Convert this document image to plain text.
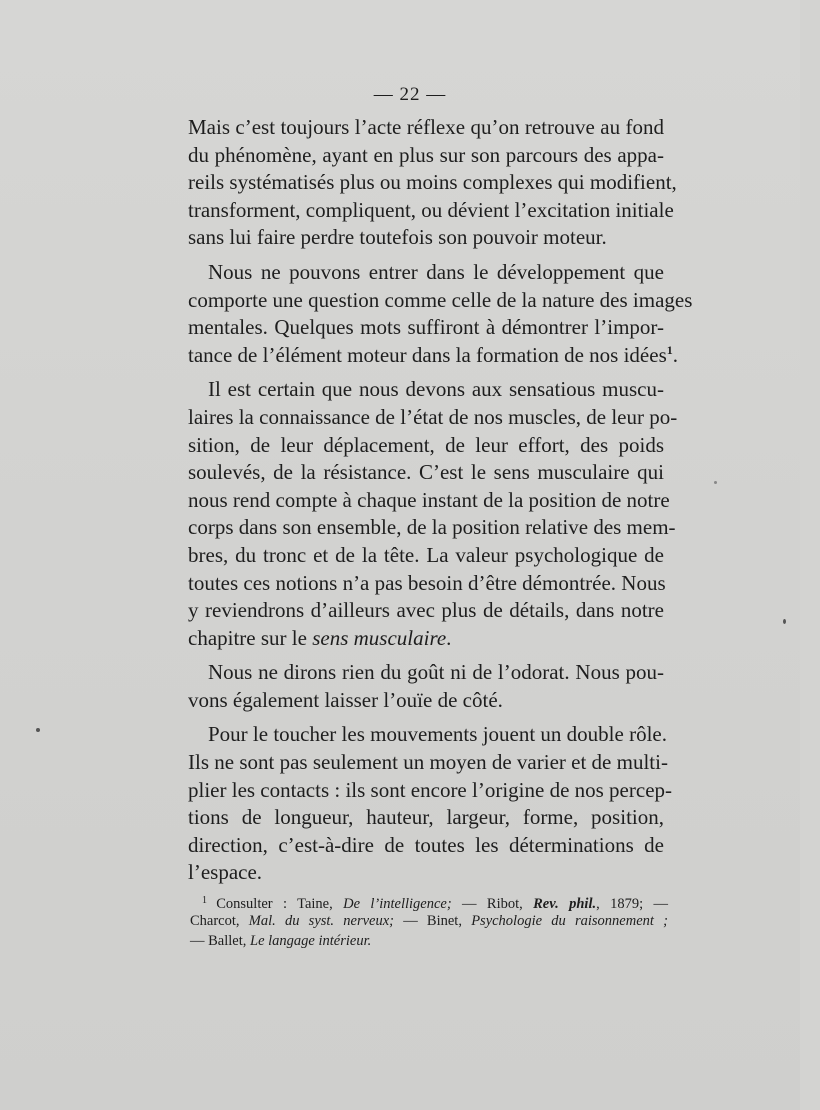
— 22 —
Mais c’est toujours l’acte réflexe qu’on retrouve au fond
du phénomène, ayant en plus sur son parcours des appa-
reils systématisés plus ou moins complexes qui modifient,
transforment, compliquent, ou dévient l’excitation initiale
sans lui faire perdre toutefois son pouvoir moteur.
Nous ne pouvons entrer dans le développement que
comporte une question comme celle de la nature des images
mentales. Quelques mots suffiront à démontrer l’impor-
tance de l’élément moteur dans la formation de nos idées$^1$.
Il est certain que nous devons aux sensatious muscu-
laires la connaissance de l’état de nos muscles, de leur po-
sition, de leur déplacement, de leur effort, des poids
soulevés, de la résistance. C’est le sens musculaire qui
nous rend compte à chaque instant de la position de notre
corps dans son ensemble, de la position relative des mem-
bres, du tronc et de la tête. La valeur psychologique de
toutes ces notions n’a pas besoin d’être démontrée. Nous
y reviendrons d’ailleurs avec plus de détails, dans notre
chapitre sur le sens musculaire.
Nous ne dirons rien du goût ni de l’odorat. Nous pou-
vons également laisser l’ouïe de côté.
Pour le toucher les mouvements jouent un double rôle.
Ils ne sont pas seulement un moyen de varier et de multi-
plier les contacts : ils sont encore l’origine de nos percep-
tions de longueur, hauteur, largeur, forme, position,
direction, c’est-à-dire de toutes les déterminations de
l’espace.
$^1$ Consulter : Taine, De l’intelligence; — Ribot, Rev. phil., 1879; —
Charcot, Mal. du syst. nerveux; — Binet, Psychologie du raisonnement ;
— Ballet, Le langage intérieur.
